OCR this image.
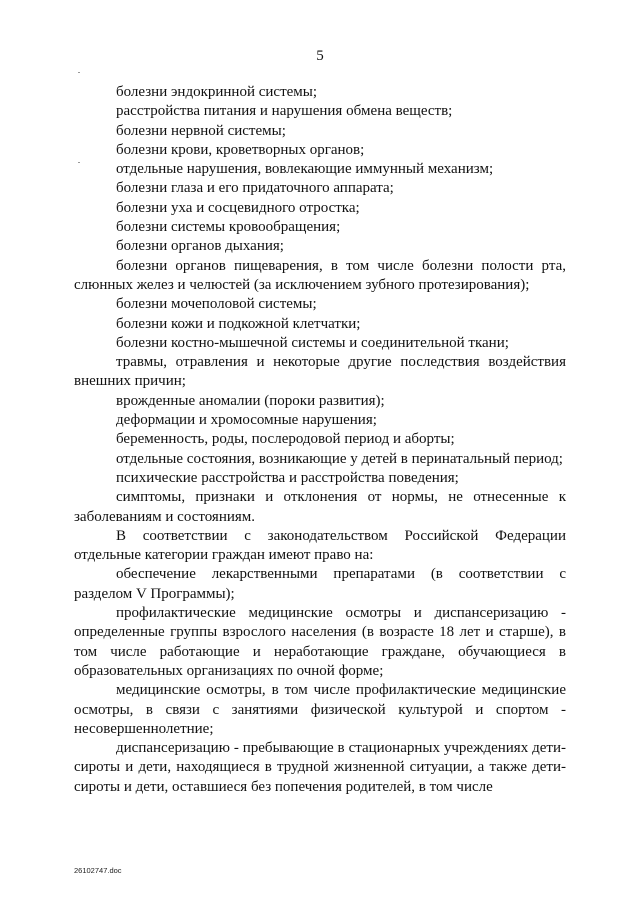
5

болезни эндокринной системы;

расстройства питания и нарушения обмена веществ;

болезни нервной системы;

болезни крови, кроветворных органов;

отдельные нарушения, вовлекающие иммунный механизм;

болезни глаза и его придаточного аппарата;

болезни уха и сосцевидного отростка;

болезни системы кровообращения;

болезни органов дыхания;

болезни органов пищеварения, в том числе болезни полости рта, слюнных желез и челюстей (за исключением зубного протезирования);

болезни мочеполовой системы;

болезни кожи и подкожной клетчатки;

болезни костно-мышечной системы и соединительной ткани;

травмы, отравления и некоторые другие последствия воздействия внешних причин;

врожденные аномалии (пороки развития);

деформации и хромосомные нарушения;

беременность, роды, послеродовой период и аборты;

отдельные состояния, возникающие у детей в перинатальный период;

психические расстройства и расстройства поведения;

симптомы, признаки и отклонения от нормы, не отнесенные к заболеваниям и состояниям.

В соответствии с законодательством Российской Федерации отдельные категории граждан имеют право на:

обеспечение лекарственными препаратами (в соответствии с разделом V Программы);

профилактические медицинские осмотры и диспансеризацию - определенные группы взрослого населения (в возрасте 18 лет и старше), в том числе работающие и неработающие граждане, обучающиеся в образовательных организациях по очной форме;

медицинские осмотры, в том числе профилактические медицинские осмотры, в связи с занятиями физической культурой и спортом - несовершеннолетние;

диспансеризацию - пребывающие в стационарных учреждениях дети-сироты и дети, находящиеся в трудной жизненной ситуации, а также дети-сироты и дети, оставшиеся без попечения родителей, в том числе

26102747.doc
